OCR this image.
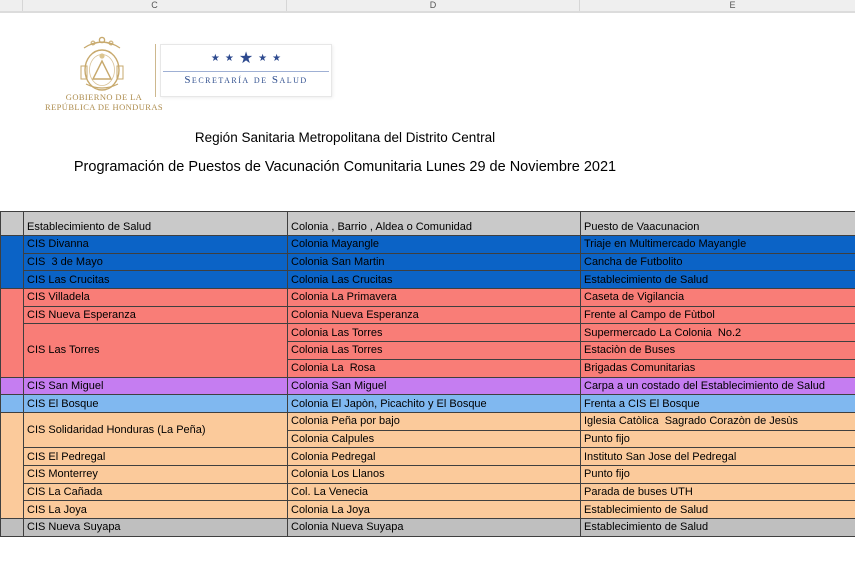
C	D	E
GOBIERNO DE LA
REPÚBLICA DE HONDURAS
★ ★ ★ ★ ★
Secretaría de Salud
Región Sanitaria Metropolitana del Distrito Central
Programación de Puestos de Vacunación Comunitaria Lunes 29 de Noviembre 2021
	Establecimiento de Salud	Colonia , Barrio , Aldea o Comunidad	Puesto de Vaacunacion
	CIS Divanna	Colonia Mayangle	Triaje en Multimercado Mayangle
	CIS  3 de Mayo	Colonia San Martin	Cancha de Futbolito
	CIS Las Crucitas	Colonia Las Crucitas	Establecimiento de Salud
	CIS Villadela	Colonia La Primavera	Caseta de Vigilancia
	CIS Nueva Esperanza	Colonia Nueva Esperanza	Frente al Campo de Fùtbol
	CIS Las Torres	Colonia Las Torres	Supermercado La Colonia  No.2
		Colonia Las Torres	Estaciòn de Buses
		Colonia La  Rosa	Brigadas Comunitarias
	CIS San Miguel	Colonia San Miguel	Carpa a un costado del Establecimiento de Salud
	CIS El Bosque	Colonia El Japòn, Picachito y El Bosque	Frenta a CIS El Bosque
	CIS Solidaridad Honduras (La Peña)	Colonia Peña por bajo	Iglesia Catòlica  Sagrado Corazòn de Jesùs
		Colonia Calpules	Punto fijo
	CIS El Pedregal	Colonia Pedregal	Instituto San Jose del Pedregal
	CIS Monterrey	Colonia Los Llanos	Punto fijo
	CIS La Cañada	Col. La Venecia	Parada de buses UTH
	CIS La Joya	Colonia La Joya	Establecimiento de Salud
	CIS Nueva Suyapa	Colonia Nueva Suyapa	Establecimiento de Salud
